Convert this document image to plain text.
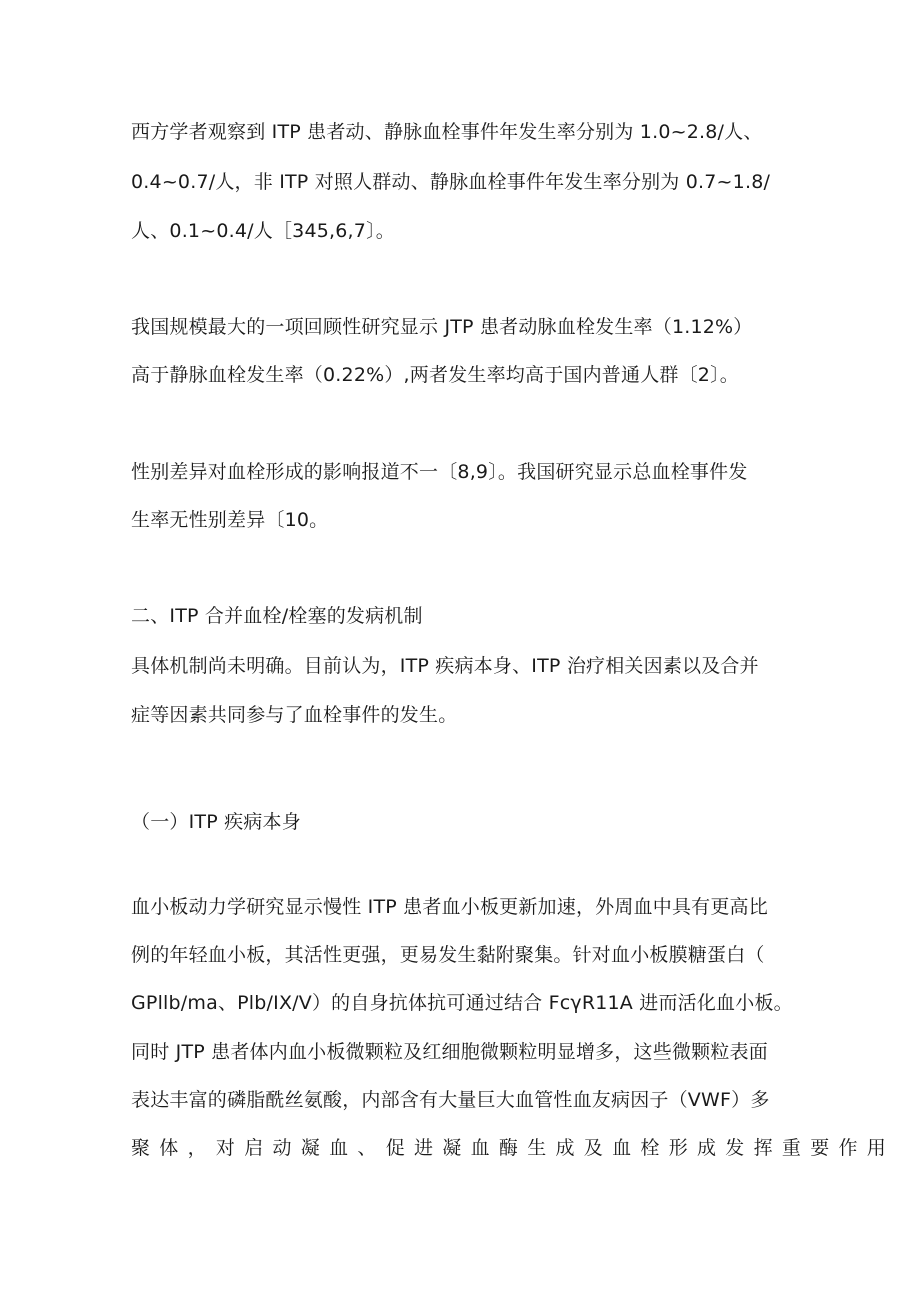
西方学者观察到 ITP 患者动、静脉血栓事件年发生率分别为 1.0~2.8/人、
0.4~0.7/人，非 ITP 对照人群动、静脉血栓事件年发生率分别为 0.7~1.8/
人、0.1~0.4/人［345,6,7〕。
我国规模最大的一项回顾性研究显示 JTP 患者动脉血栓发生率（1.12%）
高于静脉血栓发生率（0.22%）,两者发生率均高于国内普通人群〔2〕。
性别差异对血栓形成的影响报道不一〔8,9〕。我国研究显示总血栓事件发
生率无性别差异〔10。
二、ITP 合并血栓/栓塞的发病机制
具体机制尚未明确。目前认为，ITP 疾病本身、ITP 治疗相关因素以及合并
症等因素共同参与了血栓事件的发生。
（一）ITP 疾病本身
血小板动力学研究显示慢性 ITP 患者血小板更新加速，外周血中具有更高比
例的年轻血小板，其活性更强，更易发生黏附聚集。针对血小板膜糖蛋白（
GPllb/ma、Plb/IX/V）的自身抗体抗可通过结合 FcγR11A 进而活化血小板。
同时 JTP 患者体内血小板微颗粒及红细胞微颗粒明显增多，这些微颗粒表面
表达丰富的磷脂酰丝氨酸，内部含有大量巨大血管性血友病因子（VWF）多
聚体，对启动凝血、促进凝血酶生成及血栓形成发挥重要作用
